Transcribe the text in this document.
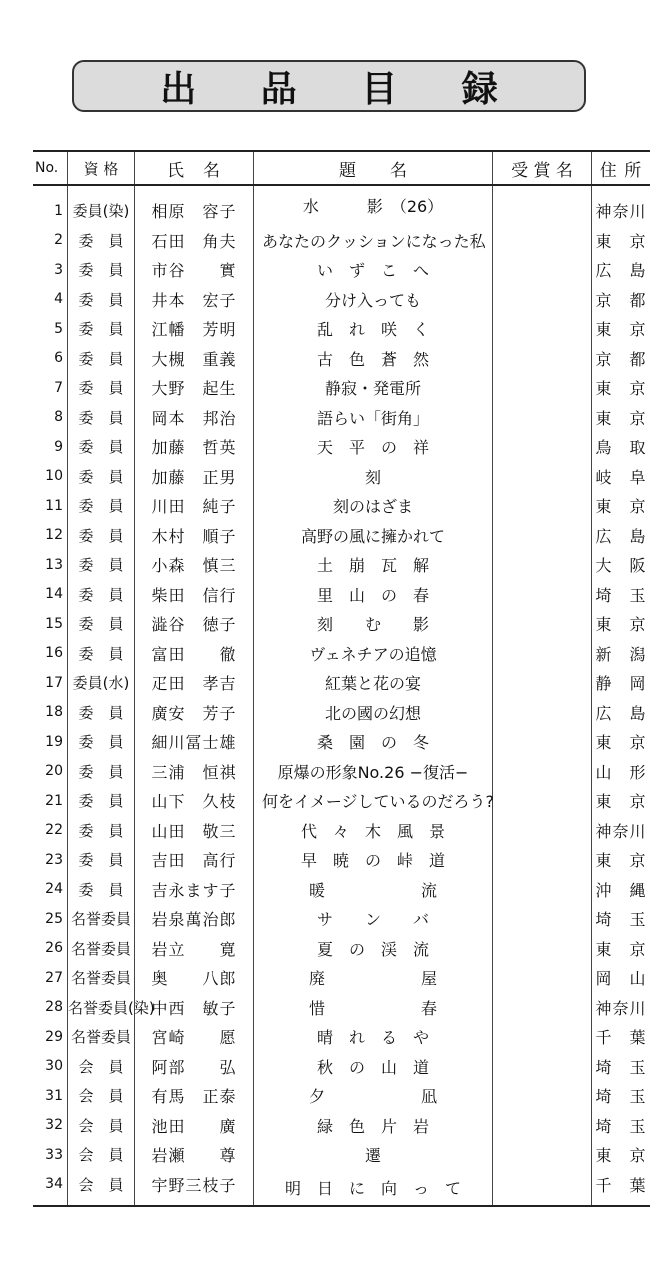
出 品 目 録
No.	資 格	氏　名	題　　名	受 賞 名	住 所
1	委員(染)	相原　容子	水　　　影　（26）		神奈川
2	委　員	石田　角夫	あなたのクッションになった私		東　京
3	委　員	市谷　　實	い　ず　こ　へ		広　島
4	委　員	井本　宏子	分け入っても		京　都
5	委　員	江幡　芳明	乱　れ　咲　く		東　京
6	委　員	大槻　重義	古　色　蒼　然		京　都
7	委　員	大野　起生	静寂・発電所		東　京
8	委　員	岡本　邦治	語らい「街角」		東　京
9	委　員	加藤　哲英	天　平　の　祥		鳥　取
10	委　員	加藤　正男	刻		岐　阜
11	委　員	川田　純子	刻のはざま		東　京
12	委　員	木村　順子	高野の風に擁かれて		広　島
13	委　員	小森　慎三	土　崩　瓦　解		大　阪
14	委　員	柴田　信行	里　山　の　春		埼　玉
15	委　員	澁谷　徳子	刻　　む　　影		東　京
16	委　員	富田　　徹	ヴェネチアの追憶		新　潟
17	委員(水)	疋田　孝吉	紅葉と花の宴		静　岡
18	委　員	廣安　芳子	北の國の幻想		広　島
19	委　員	細川冨士雄	桑　園　の　冬		東　京
20	委　員	三浦　恒祺	原爆の形象No.26 −復活−		山　形
21	委　員	山下　久枝	何をイメージしているのだろう?		東　京
22	委　員	山田　敬三	代　々　木　風　景		神奈川
23	委　員	吉田　高行	早　暁　の　峠　道		東　京
24	委　員	吉永ます子	暖　　　　　　流		沖　縄
25	名誉委員	岩泉萬治郎	サ　　ン　　バ		埼　玉
26	名誉委員	岩立　　寛	夏　の　渓　流		東　京
27	名誉委員	奥　　八郎	廃　　　　　　屋		岡　山
28	名誉委員(染)	中西　敏子	惜　　　　　　春		神奈川
29	名誉委員	宮崎　　愿	晴　れ　る　や		千　葉
30	会　員	阿部　　弘	秋　の　山　道		埼　玉
31	会　員	有馬　正泰	夕　　　　　　凪		埼　玉
32	会　員	池田　　廣	緑　色　片　岩		埼　玉
33	会　員	岩瀬　　尊	遷		東　京
34	会　員	宇野三枝子	明　日　に　向　っ　て		千　葉
